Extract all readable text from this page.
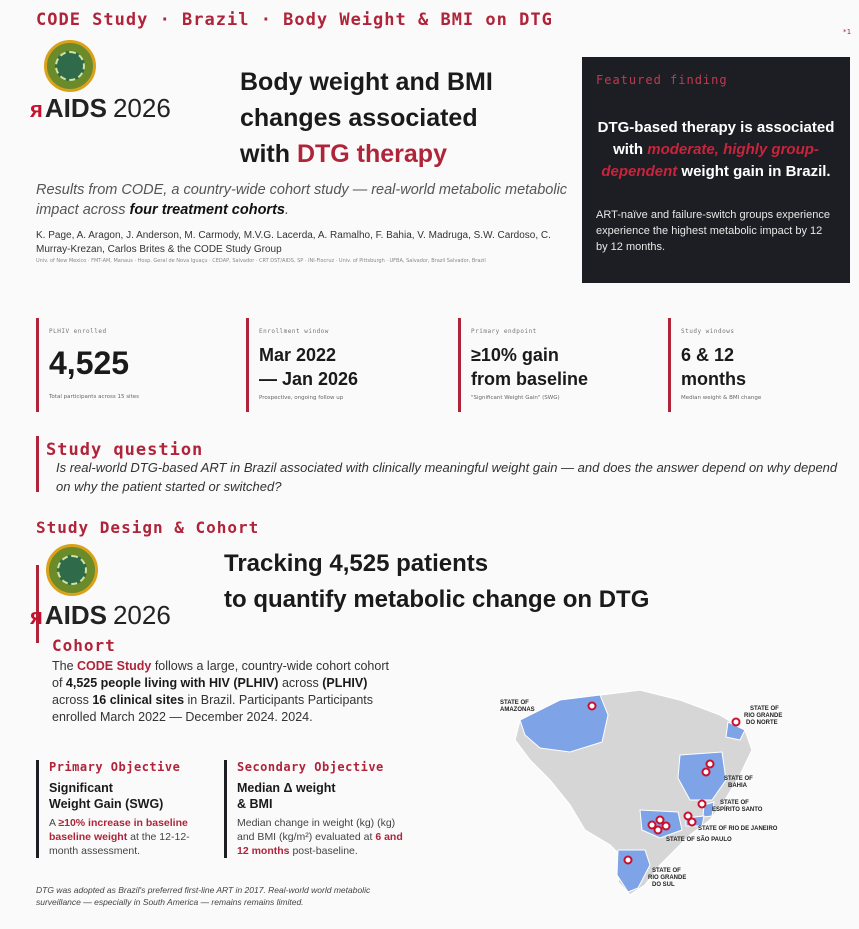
CODE Study · Brazil · Body Weight & BMI on DTG
*1
ᴙ AIDS 2026
Body weight and BMI
changes associated
with DTG therapy
Featured finding
DTG-based therapy is associated with moderate, highly group-dependent weight gain in Brazil.
ART-naïve and failure-switch groups experience experience the highest metabolic impact by 12 by 12 months.
Results from CODE, a country-wide cohort study — real-world metabolic metabolic impact across four treatment cohorts.
K. Page, A. Aragon, J. Anderson, M. Carmody, M.V.G. Lacerda, A. Ramalho, F. Bahia, V. Madruga, S.W. Cardoso, C. Murray-Krezan, Carlos Brites & the CODE Study Group
Univ. of New Mexico · FMT-AM, Manaus · Hosp. Geral de Nova Iguaçu · CEDAP, Salvador · CRT DST/AIDS, SP · INI-Fiocruz · Univ. of Pittsburgh · UFBA, Salvador, Brazil Salvador, Brazil
PLHIV enrolled
4,525
Total participants across 15 sites
Enrollment window
Mar 2022
— Jan 2026
Prospective, ongoing follow up
Primary endpoint
≥10% gain
from baseline
"Significant Weight Gain" (SWG)
Study windows
6 & 12
months
Median weight & BMI change
Study question
Is real-world DTG-based ART in Brazil associated with clinically meaningful weight gain — and does the answer depend on why depend on why the patient started or switched?
Study Design & Cohort
ᴙ AIDS 2026
Tracking 4,525 patients
to quantify metabolic change on DTG
Cohort
The CODE Study follows a large, country-wide cohort cohort of 4,525 people living with HIV (PLHIV) across (PLHIV) across 16 clinical sites in Brazil. Participants Participants enrolled March 2022 — December 2024. 2024.
Primary Objective
Significant
Weight Gain (SWG)
A ≥10% increase in baseline baseline weight at the 12-12-month assessment.
Secondary Objective
Median Δ weight
& BMI
Median change in weight (kg) (kg) and BMI (kg/m²) evaluated at 6 and 12 months post-baseline.
DTG was adopted as Brazil's preferred first-line ART in 2017. Real-world world metabolic surveillance — especially in South America — remains remains limited.
STATE OF
AMAZONAS	STATE OF
RIO GRANDE
DO NORTE
STATE OF
BAHIA
STATE OF
ESPÍRITO SANTO
STATE OF RIO DE JANEIRO
STATE OF SÃO PAULO
STATE OF
RIO GRANDE
DO SUL
